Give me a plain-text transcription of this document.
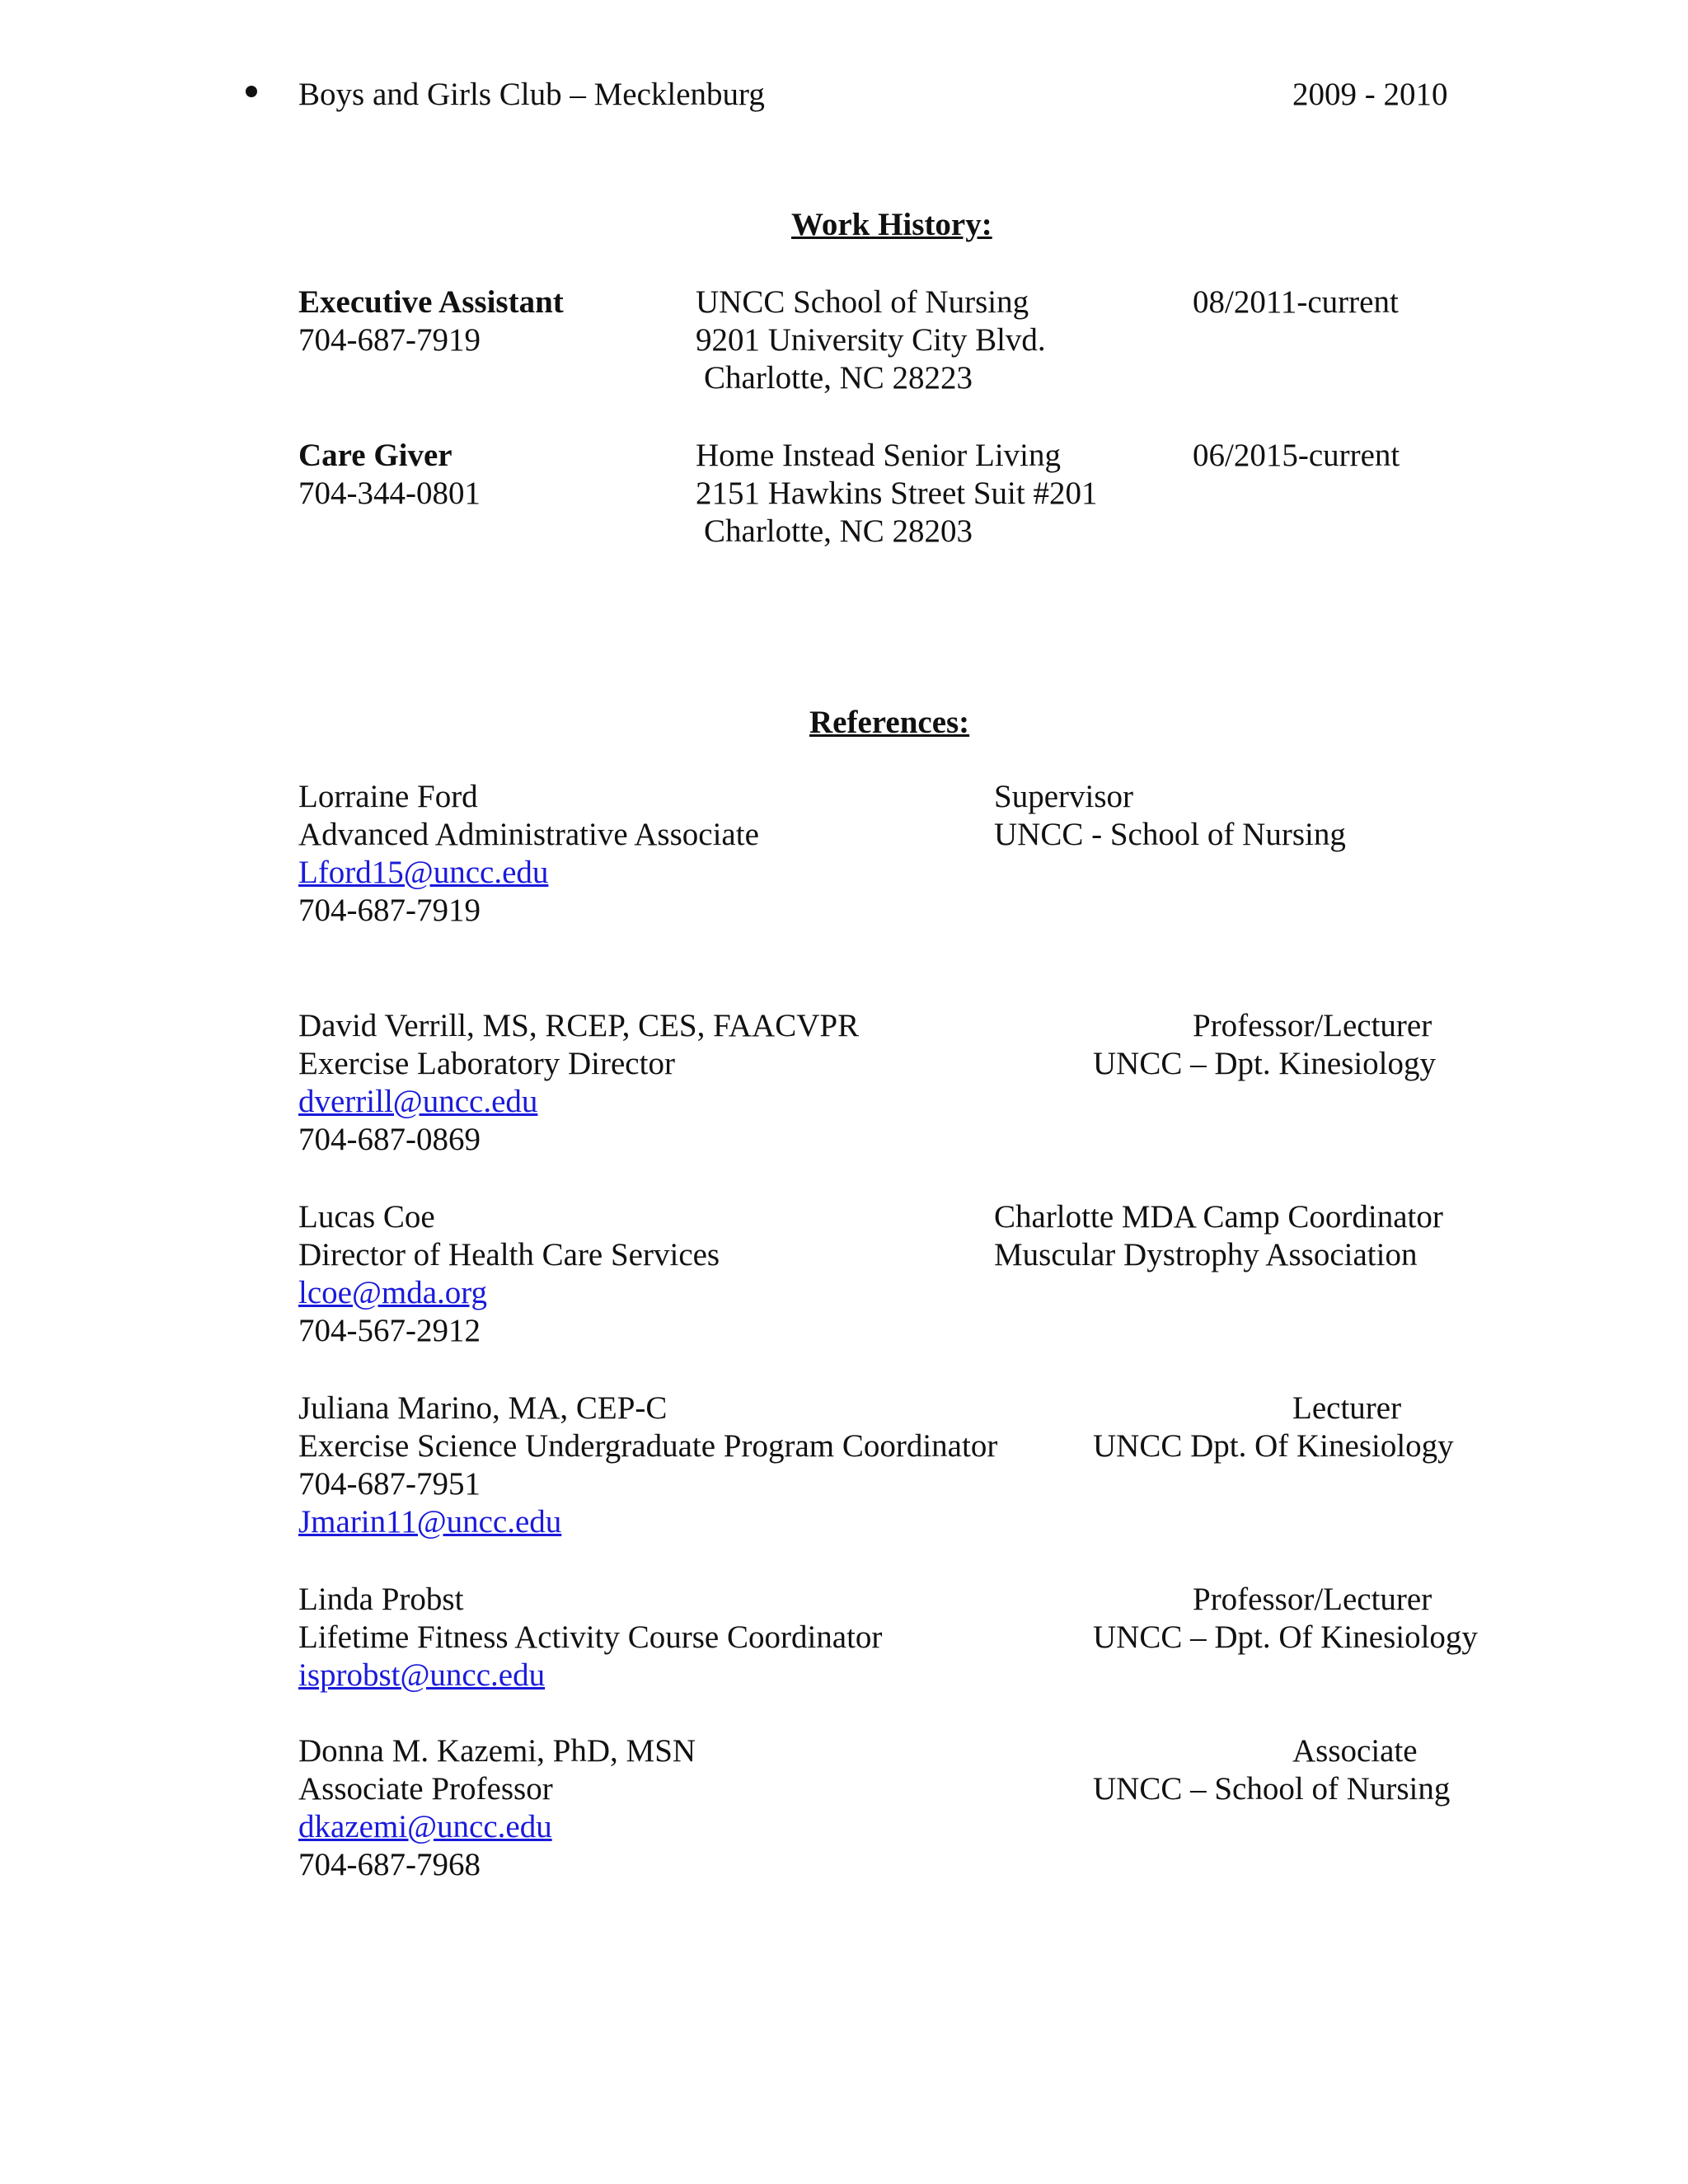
Boys and Girls Club – Mecklenburg	2009 - 2010
Work History:
Executive Assistant
704-687-7919
UNCC School of Nursing
9201 University City Blvd.
Charlotte, NC 28223
08/2011-current
Care Giver
704-344-0801
Home Instead Senior Living
2151 Hawkins Street Suit #201
Charlotte, NC 28203
06/2015-current
References:
Lorraine Ford
Advanced Administrative Associate
Lford15@uncc.edu
704-687-7919
Supervisor
UNCC - School of Nursing
David Verrill, MS, RCEP, CES, FAACVPR
Exercise Laboratory Director
dverrill@uncc.edu
704-687-0869
Professor/Lecturer
UNCC – Dpt. Kinesiology
Lucas Coe
Director of Health Care Services
lcoe@mda.org
704-567-2912
Charlotte MDA Camp Coordinator
Muscular Dystrophy Association
Juliana Marino, MA, CEP-C
Exercise Science Undergraduate Program Coordinator
704-687-7951
Jmarin11@uncc.edu
Lecturer
UNCC Dpt. Of Kinesiology
Linda Probst
Lifetime Fitness Activity Course Coordinator
isprobst@uncc.edu
Professor/Lecturer
UNCC – Dpt. Of Kinesiology
Donna M. Kazemi, PhD, MSN
Associate Professor
dkazemi@uncc.edu
704-687-7968
Associate
UNCC – School of Nursing
